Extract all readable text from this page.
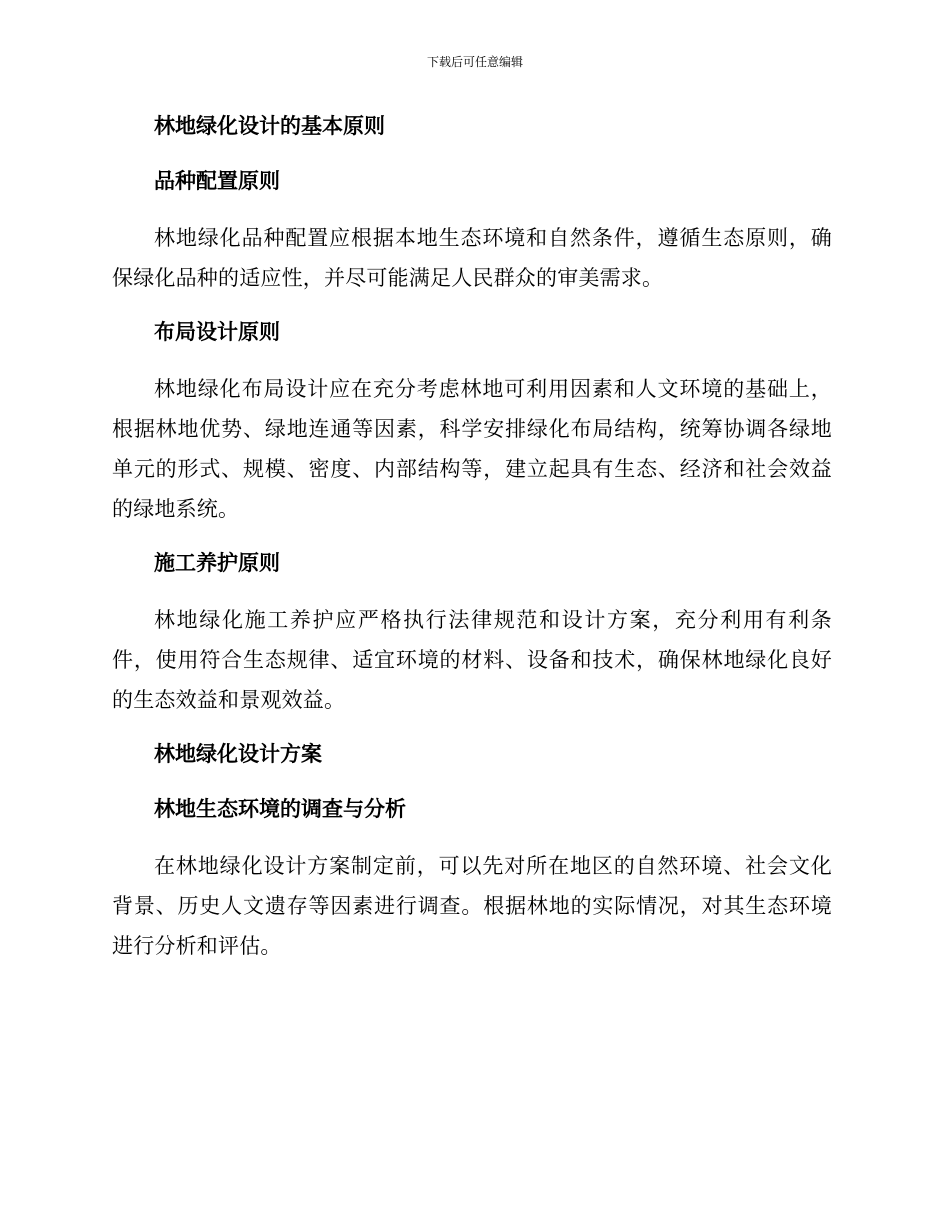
下载后可任意编辑
林地绿化设计的基本原则
品种配置原则

林地绿化品种配置应根据本地生态环境和自然条件，遵循生态原则，确保绿化品种的适应性，并尽可能满足人民群众的审美需求。

布局设计原则

林地绿化布局设计应在充分考虑林地可利用因素和人文环境的基础上，根据林地优势、绿地连通等因素，科学安排绿化布局结构，统筹协调各绿地单元的形式、规模、密度、内部结构等，建立起具有生态、经济和社会效益的绿地系统。

施工养护原则

林地绿化施工养护应严格执行法律规范和设计方案，充分利用有利条件，使用符合生态规律、适宜环境的材料、设备和技术，确保林地绿化良好的生态效益和景观效益。

林地绿化设计方案
林地生态环境的调查与分析

在林地绿化设计方案制定前，可以先对所在地区的自然环境、社会文化背景、历史人文遗存等因素进行调查。根据林地的实际情况，对其生态环境进行分析和评估。
